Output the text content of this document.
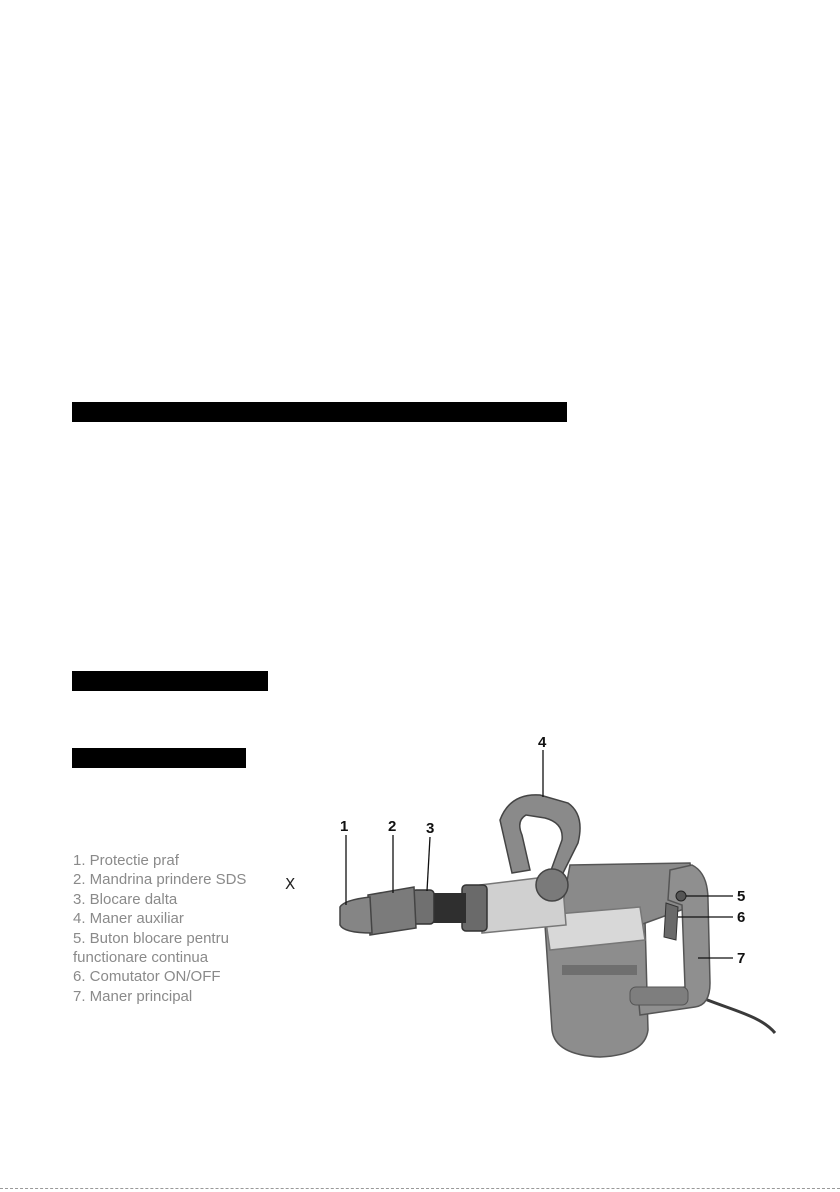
1. Protectie praf
2. Mandrina prindere SDS
3. Blocare dalta
4. Maner auxiliar
5. Buton blocare pentru
functionare continua
6. Comutator ON/OFF
7. Maner principal
X
1	2 3
4
5
6
7
